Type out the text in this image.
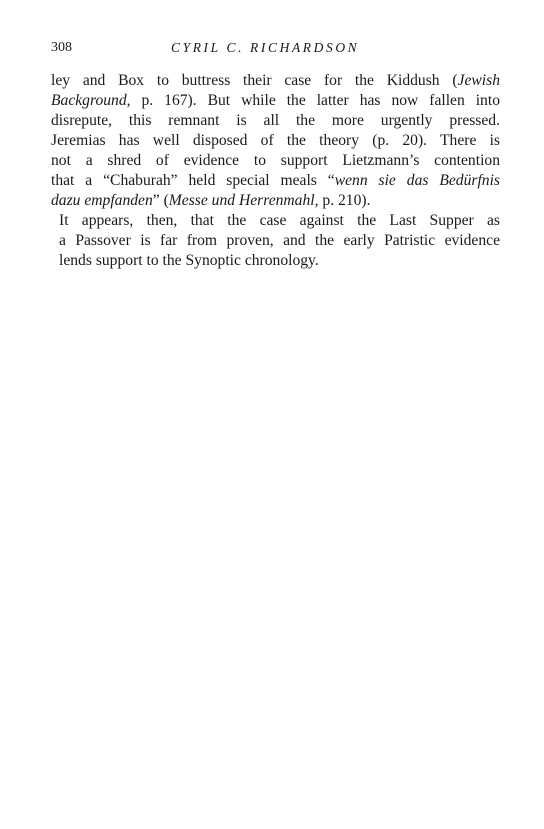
308	CYRIL C. RICHARDSON

ley and Box to buttress their case for the Kiddush (Jewish
Background, p. 167). But while the latter has now fallen into
disrepute, this remnant is all the more urgently pressed.
Jeremias has well disposed of the theory (p. 20). There is
not a shred of evidence to support Lietzmann’s contention
that a “Chaburah” held special meals “wenn sie das Bedürfnis
dazu empfanden” (Messe und Herrenmahl, p. 210).

It appears, then, that the case against the Last Supper as
a Passover is far from proven, and the early Patristic evidence
lends support to the Synoptic chronology.
